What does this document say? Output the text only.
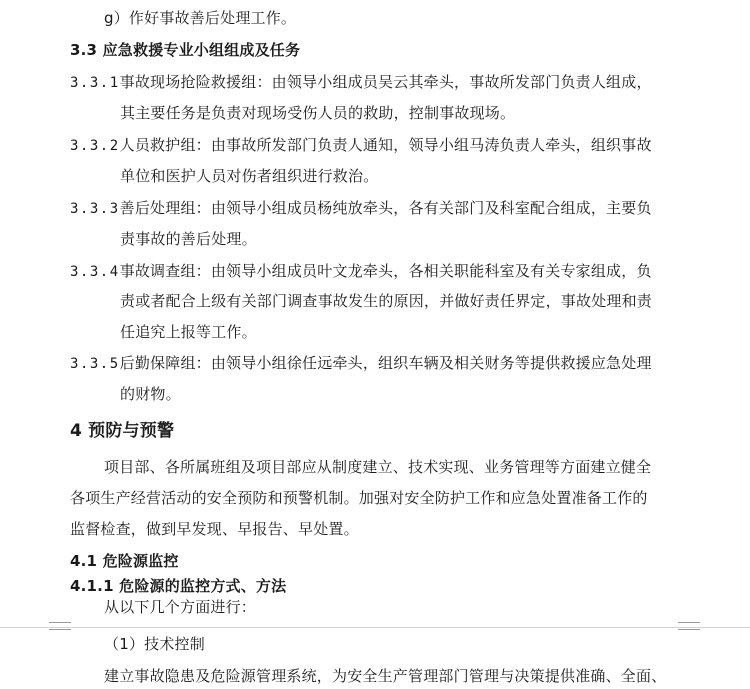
g）作好事故善后处理工作。
3.3 应急救援专业小组组成及任务
3.3.1事故现场抢险救援组：由领导小组成员吴云其牵头，事故所发部门负责人组成，
其主要任务是负责对现场受伤人员的救助，控制事故现场。
3.3.2人员救护组：由事故所发部门负责人通知，领导小组马涛负责人牵头，组织事故
单位和医护人员对伤者组织进行救治。
3.3.3善后处理组：由领导小组成员杨纯放牵头，各有关部门及科室配合组成，主要负
责事故的善后处理。
3.3.4事故调查组：由领导小组成员叶文龙牵头，各相关职能科室及有关专家组成，负
责或者配合上级有关部门调查事故发生的原因，并做好责任界定，事故处理和责
任追究上报等工作。
3.3.5后勤保障组：由领导小组徐任远牵头，组织车辆及相关财务等提供救援应急处理
的财物。
4 预防与预警
项目部、各所属班组及项目部应从制度建立、技术实现、业务管理等方面建立健全
各项生产经营活动的安全预防和预警机制。加强对安全防护工作和应急处置准备工作的
监督检查，做到早发现、早报告、早处置。
4.1 危险源监控
4.1.1 危险源的监控方式、方法
从以下几个方面进行：
（1）技术控制
建立事故隐患及危险源管理系统，为安全生产管理部门管理与决策提供准确、全面、
